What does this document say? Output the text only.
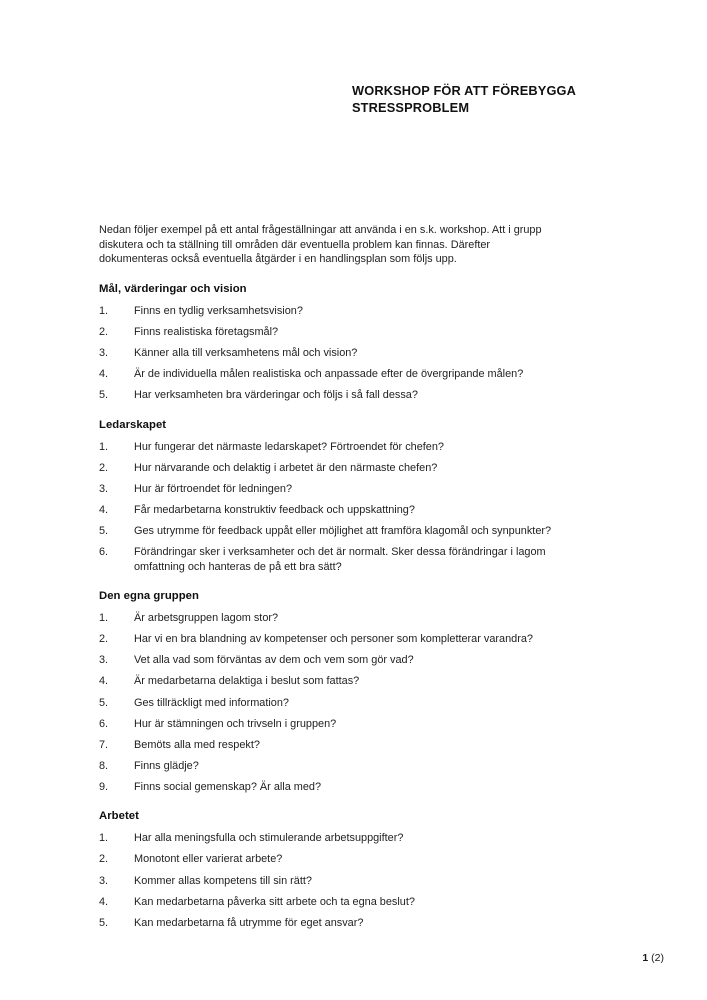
WORKSHOP FÖR ATT FÖREBYGGA
STRESSPROBLEM

Nedan följer exempel på ett antal frågeställningar att använda i en s.k. workshop. Att i grupp
diskutera och ta ställning till områden där eventuella problem kan finnas. Därefter
dokumenteras också eventuella åtgärder i en handlingsplan som följs upp.

Mål, värderingar och vision
1.	Finns en tydlig verksamhetsvision?
2.	Finns realistiska företagsmål?
3.	Känner alla till verksamhetens mål och vision?
4.	Är de individuella målen realistiska och anpassade efter de övergripande målen?
5.	Har verksamheten bra värderingar och följs i så fall dessa?
Ledarskapet
1.	Hur fungerar det närmaste ledarskapet? Förtroendet för chefen?
2.	Hur närvarande och delaktig i arbetet är den närmaste chefen?
3.	Hur är förtroendet för ledningen?
4.	Får medarbetarna konstruktiv feedback och uppskattning?
5.	Ges utrymme för feedback uppåt eller möjlighet att framföra klagomål och synpunkter?
6.	Förändringar sker i verksamheter och det är normalt. Sker dessa förändringar i lagom omfattning och hanteras de på ett bra sätt?
Den egna gruppen
1.	Är arbetsgruppen lagom stor?
2.	Har vi en bra blandning av kompetenser och personer som kompletterar varandra?
3.	Vet alla vad som förväntas av dem och vem som gör vad?
4.	Är medarbetarna delaktiga i beslut som fattas?
5.	Ges tillräckligt med information?
6.	Hur är stämningen och trivseln i gruppen?
7.	Bemöts alla med respekt?
8.	Finns glädje?
9.	Finns social gemenskap? Är alla med?
Arbetet
1.	Har alla meningsfulla och stimulerande arbetsuppgifter?
2.	Monotont eller varierat arbete?
3.	Kommer allas kompetens till sin rätt?
4.	Kan medarbetarna påverka sitt arbete och ta egna beslut?
5.	Kan medarbetarna få utrymme för eget ansvar?
1 (2)
